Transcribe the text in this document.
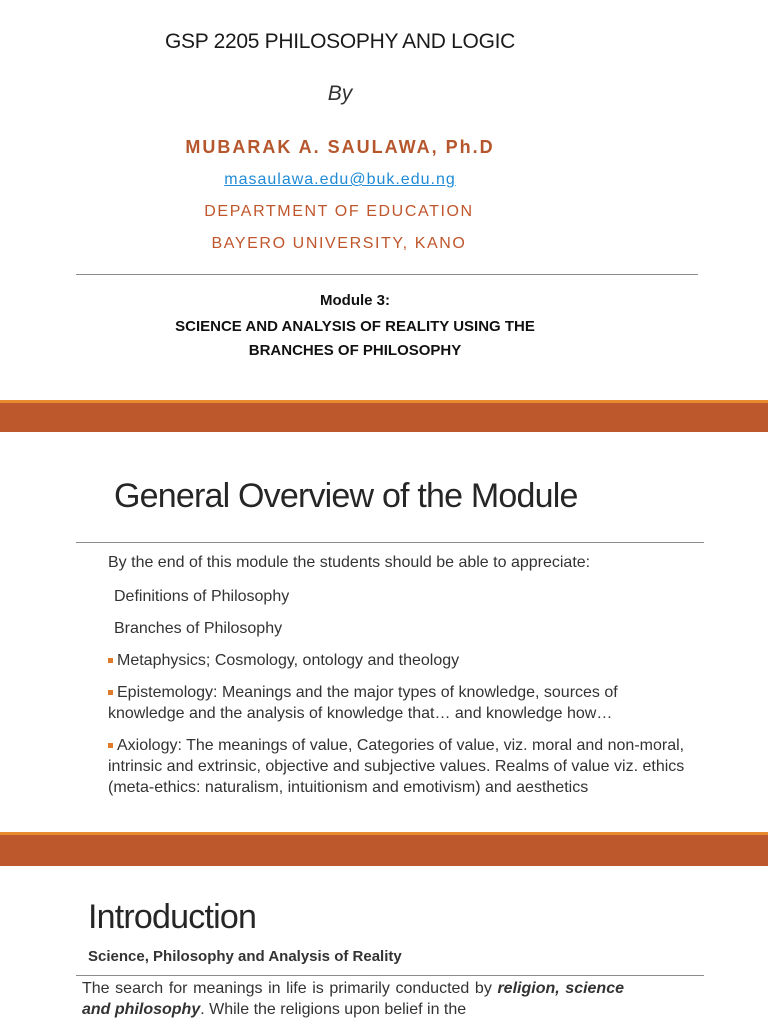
GSP 2205 PHILOSOPHY AND LOGIC
By
MUBARAK A. SAULAWA, Ph.D
masaulawa.edu@buk.edu.ng
DEPARTMENT OF EDUCATION
BAYERO UNIVERSITY, KANO
Module 3:
SCIENCE AND ANALYSIS OF REALITY USING THE
BRANCHES OF PHILOSOPHY
General Overview of the Module
By the end of this module the students should be able to appreciate:
Definitions of Philosophy
Branches of Philosophy
Metaphysics; Cosmology, ontology and theology
Epistemology: Meanings and the major types of knowledge, sources of knowledge and the analysis of knowledge that… and knowledge how…
Axiology: The meanings of value, Categories of value, viz. moral and non-moral, intrinsic and extrinsic, objective and subjective values. Realms of value viz. ethics (meta-ethics: naturalism, intuitionism and emotivism) and aesthetics
Introduction
Science, Philosophy and Analysis of Reality
The search for meanings in life is primarily conducted by religion, science and philosophy. While the religions upon belief in the
